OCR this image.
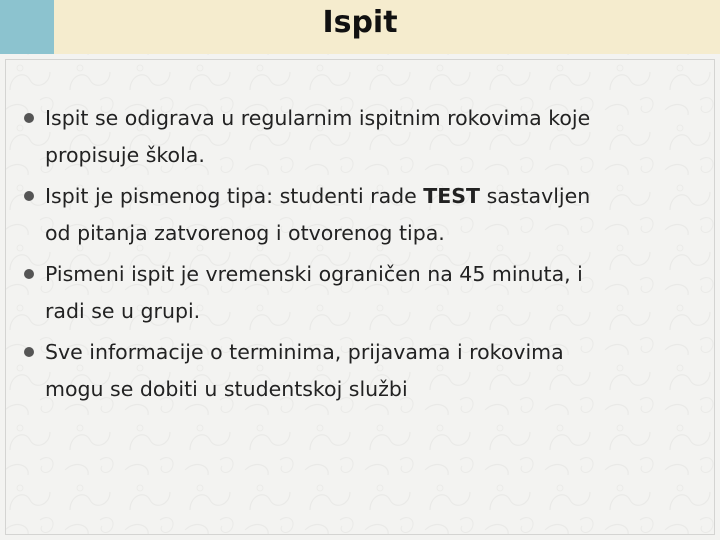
Ispit
Ispit se odigrava u regularnim ispitnim rokovima koje
propisuje škola.
Ispit je pismenog tipa: studenti rade TEST sastavljen
od pitanja zatvorenog i otvorenog tipa.
Pismeni ispit je vremenski ograničen na 45 minuta, i
radi se u grupi.
Sve informacije o terminima, prijavama i rokovima
mogu se dobiti u studentskoj službi
